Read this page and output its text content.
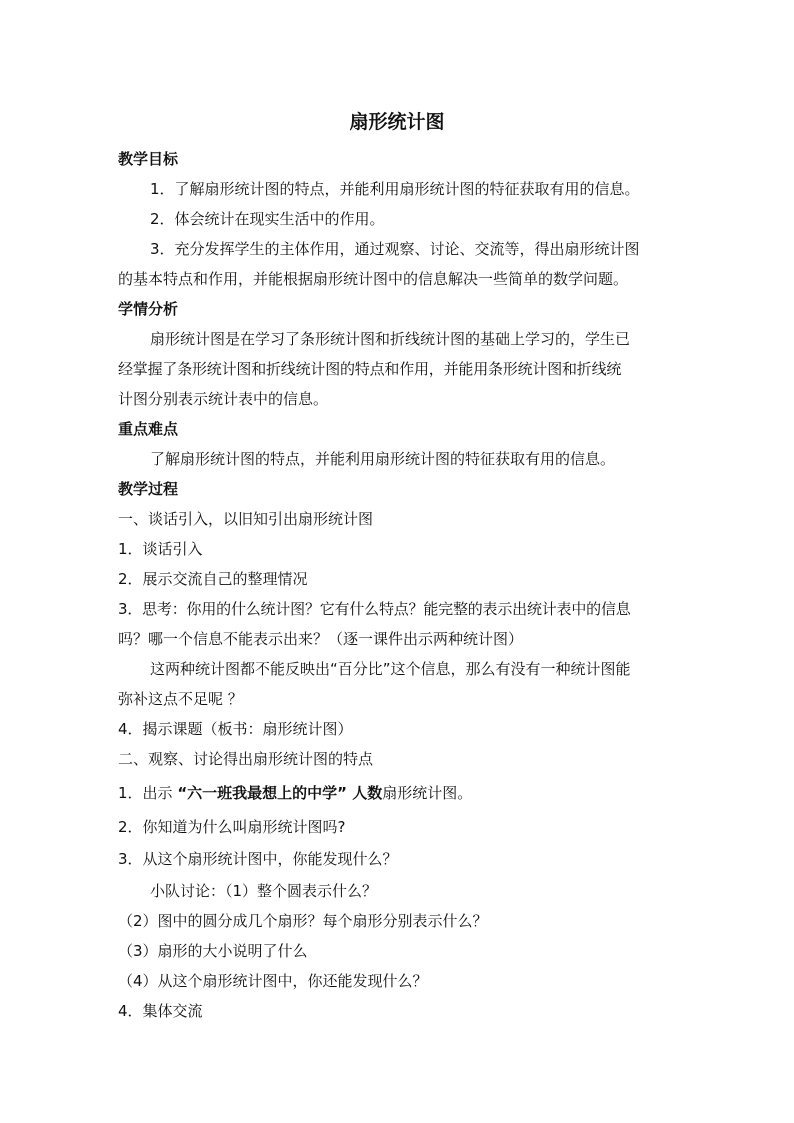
扇形统计图
教学目标
1．了解扇形统计图的特点，并能利用扇形统计图的特征获取有用的信息。
2．体会统计在现实生活中的作用。
3．充分发挥学生的主体作用，通过观察、讨论、交流等，得出扇形统计图
的基本特点和作用，并能根据扇形统计图中的信息解决一些简单的数学问题。
学情分析
扇形统计图是在学习了条形统计图和折线统计图的基础上学习的，学生已
经掌握了条形统计图和折线统计图的特点和作用，并能用条形统计图和折线统
计图分别表示统计表中的信息。
重点难点
了解扇形统计图的特点，并能利用扇形统计图的特征获取有用的信息。
教学过程
一、谈话引入，以旧知引出扇形统计图
1．谈话引入
2．展示交流自己的整理情况
3．思考：你用的什么统计图？它有什么特点？能完整的表示出统计表中的信息
吗？哪一个信息不能表示出来？（逐一课件出示两种统计图）
这两种统计图都不能反映出“百分比”这个信息，那么有没有一种统计图能
弥补这点不足呢 ？
4．揭示课题（板书：扇形统计图）
二、观察、讨论得出扇形统计图的特点
1．出示 “六一班我最想上的中学” 人数扇形统计图。
2．你知道为什么叫扇形统计图吗?
3．从这个扇形统计图中，你能发现什么？
小队讨论：（1）整个圆表示什么？
（2）图中的圆分成几个扇形？每个扇形分别表示什么？
（3）扇形的大小说明了什么
（4）从这个扇形统计图中，你还能发现什么？
4．集体交流
